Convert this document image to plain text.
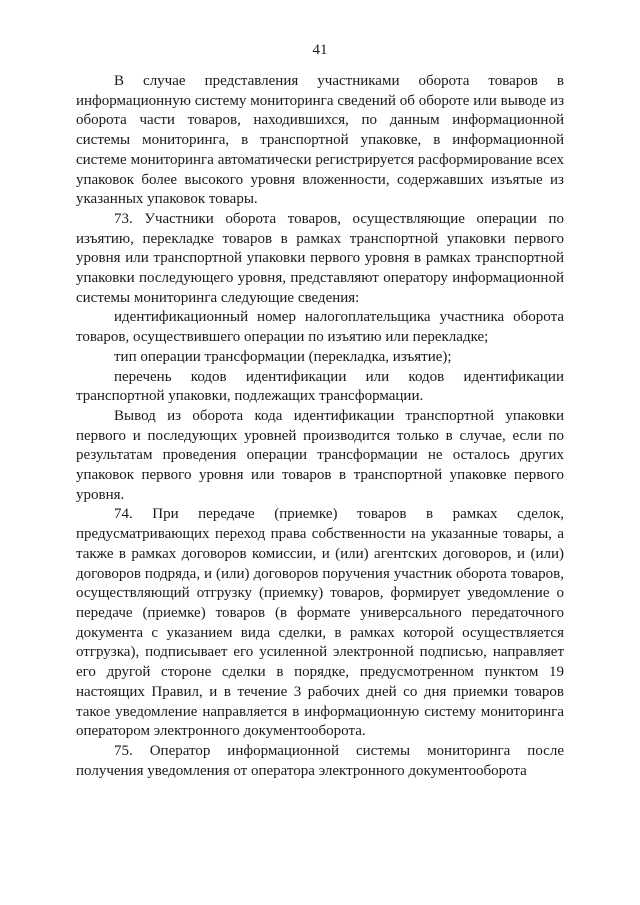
41

В случае представления участниками оборота товаров в информационную систему мониторинга сведений об обороте или выводе из оборота части товаров, находившихся, по данным информационной системы мониторинга, в транспортной упаковке, в информационной системе мониторинга автоматически регистрируется расформирование всех упаковок более высокого уровня вложенности, содержавших изъятые из указанных упаковок товары.

73. Участники оборота товаров, осуществляющие операции по изъятию, перекладке товаров в рамках транспортной упаковки первого уровня или транспортной упаковки первого уровня в рамках транспортной упаковки последующего уровня, представляют оператору информационной системы мониторинга следующие сведения:

идентификационный номер налогоплательщика участника оборота товаров, осуществившего операции по изъятию или перекладке;

тип операции трансформации (перекладка, изъятие);

перечень кодов идентификации или кодов идентификации транспортной упаковки, подлежащих трансформации.

Вывод из оборота кода идентификации транспортной упаковки первого и последующих уровней производится только в случае, если по результатам проведения операции трансформации не осталось других упаковок первого уровня или товаров в транспортной упаковке первого уровня.

74. При передаче (приемке) товаров в рамках сделок, предусматривающих переход права собственности на указанные товары, а также в рамках договоров комиссии, и (или) агентских договоров, и (или) договоров подряда, и (или) договоров поручения участник оборота товаров, осуществляющий отгрузку (приемку) товаров, формирует уведомление о передаче (приемке) товаров (в формате универсального передаточного документа с указанием вида сделки, в рамках которой осуществляется отгрузка), подписывает его усиленной электронной подписью, направляет его другой стороне сделки в порядке, предусмотренном пунктом 19 настоящих Правил, и в течение 3 рабочих дней со дня приемки товаров такое уведомление направляется в информационную систему мониторинга оператором электронного документооборота.

75. Оператор информационной системы мониторинга после получения уведомления от оператора электронного документооборота
